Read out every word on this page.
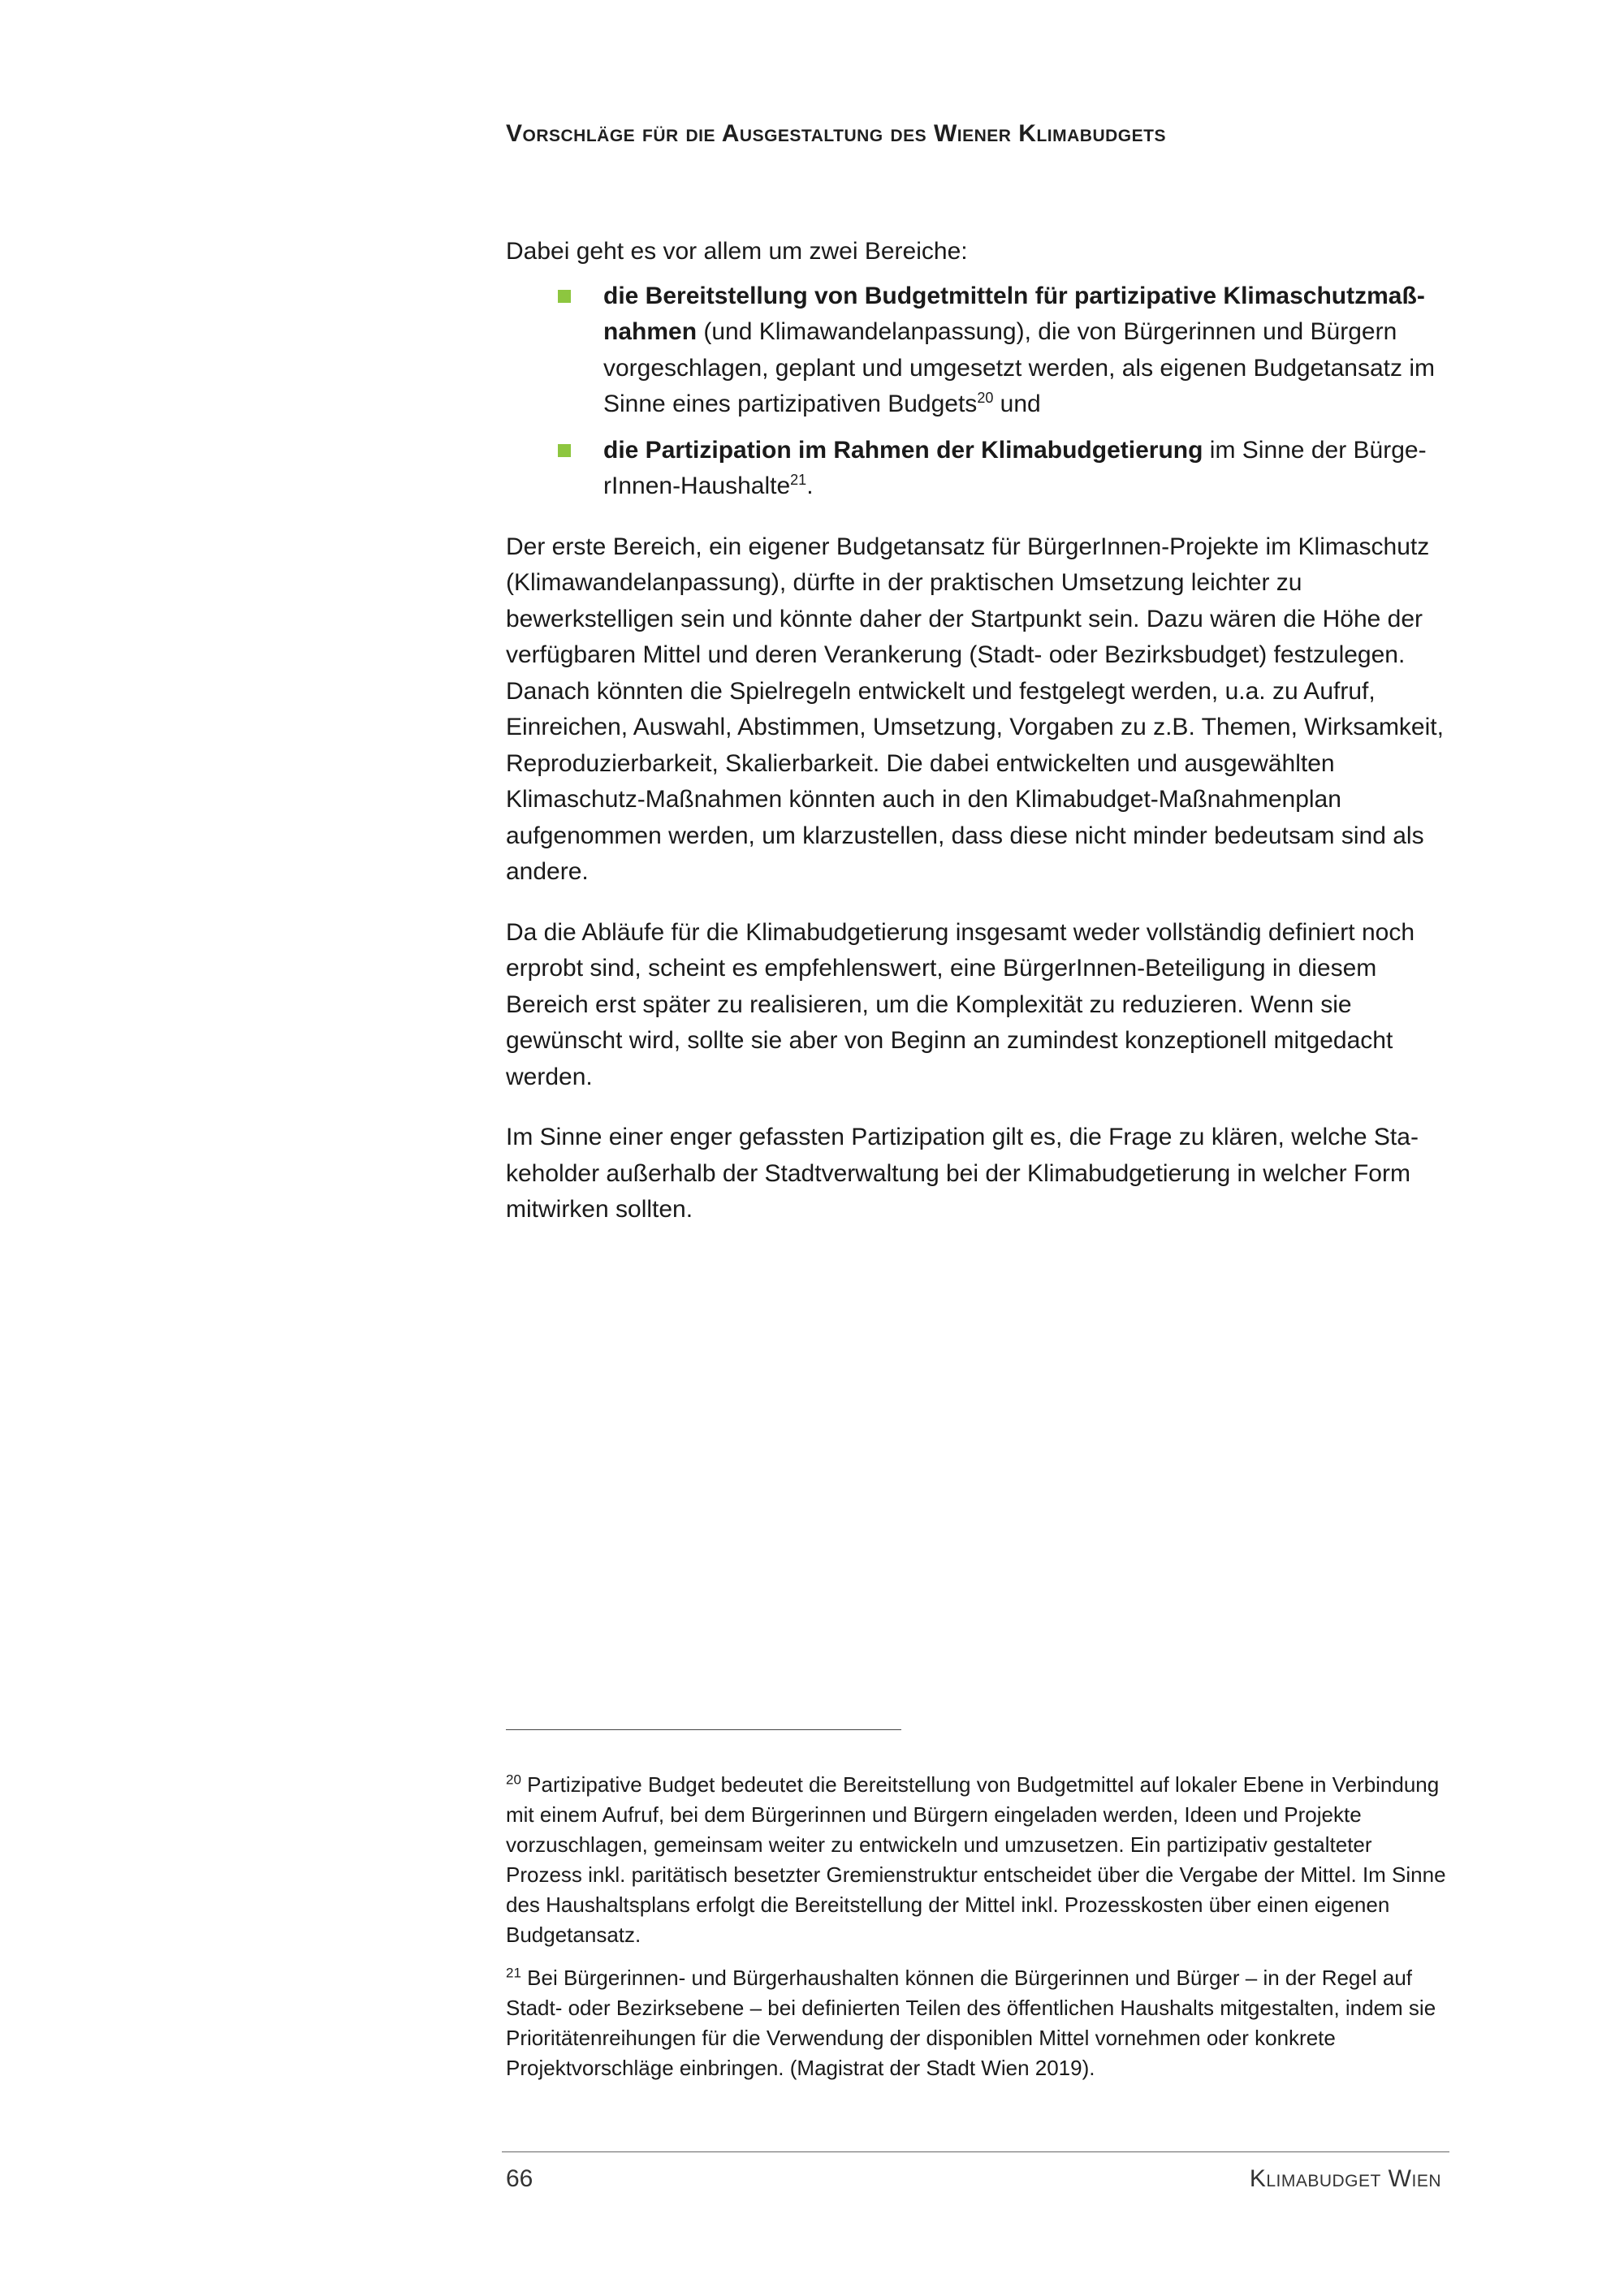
Vorschläge für die Ausgestaltung des Wiener Klimabudgets

Dabei geht es vor allem um zwei Bereiche:

die Bereitstellung von Budgetmitteln für partizipative Klimaschutzmaßnahmen (und Klimawandelanpassung), die von Bürgerinnen und Bürgern vorgeschlagen, geplant und umgesetzt werden, als eigenen Budgetansatz im Sinne eines partizipativen Budgets$^{20}$ und
die Partizipation im Rahmen der Klimabudgetierung im Sinne der BürgerInnen-Haushalte$^{21}$.

Der erste Bereich, ein eigener Budgetansatz für BürgerInnen-Projekte im Klimaschutz (Klimawandelanpassung), dürfte in der praktischen Umsetzung leichter zu bewerkstelligen sein und könnte daher der Startpunkt sein. Dazu wären die Höhe der verfügbaren Mittel und deren Verankerung (Stadt- oder Bezirksbudget) festzulegen. Danach könnten die Spielregeln entwickelt und festgelegt werden, u.a. zu Aufruf, Einreichen, Auswahl, Abstimmen, Umsetzung, Vorgaben zu z.B. Themen, Wirksamkeit, Reproduzierbarkeit, Skalierbarkeit. Die dabei entwickelten und ausgewählten Klimaschutz-Maßnahmen könnten auch in den Klimabudget-Maßnahmenplan aufgenommen werden, um klarzustellen, dass diese nicht minder bedeutsam sind als andere.

Da die Abläufe für die Klimabudgetierung insgesamt weder vollständig definiert noch erprobt sind, scheint es empfehlenswert, eine BürgerInnen-Beteiligung in diesem Bereich erst später zu realisieren, um die Komplexität zu reduzieren. Wenn sie gewünscht wird, sollte sie aber von Beginn an zumindest konzeptionell mitgedacht werden.

Im Sinne einer enger gefassten Partizipation gilt es, die Frage zu klären, welche Stakeholder außerhalb der Stadtverwaltung bei der Klimabudgetierung in welcher Form mitwirken sollten.

$^{20}$ Partizipative Budget bedeutet die Bereitstellung von Budgetmittel auf lokaler Ebene in Verbindung mit einem Aufruf, bei dem Bürgerinnen und Bürgern eingeladen werden, Ideen und Projekte vorzuschlagen, gemeinsam weiter zu entwickeln und umzusetzen. Ein partizipativ gestalteter Prozess inkl. paritätisch besetzter Gremienstruktur entscheidet über die Vergabe der Mittel. Im Sinne des Haushaltsplans erfolgt die Bereitstellung der Mittel inkl. Prozesskosten über einen eigenen Budgetansatz.

$^{21}$ Bei Bürgerinnen- und Bürgerhaushalten können die Bürgerinnen und Bürger – in der Regel auf Stadt- oder Bezirksebene – bei definierten Teilen des öffentlichen Haushalts mitgestalten, indem sie Prioritätenreihungen für die Verwendung der disponiblen Mittel vornehmen oder konkrete Projektvorschläge einbringen. (Magistrat der Stadt Wien 2019).

66	Klimabudget Wien
